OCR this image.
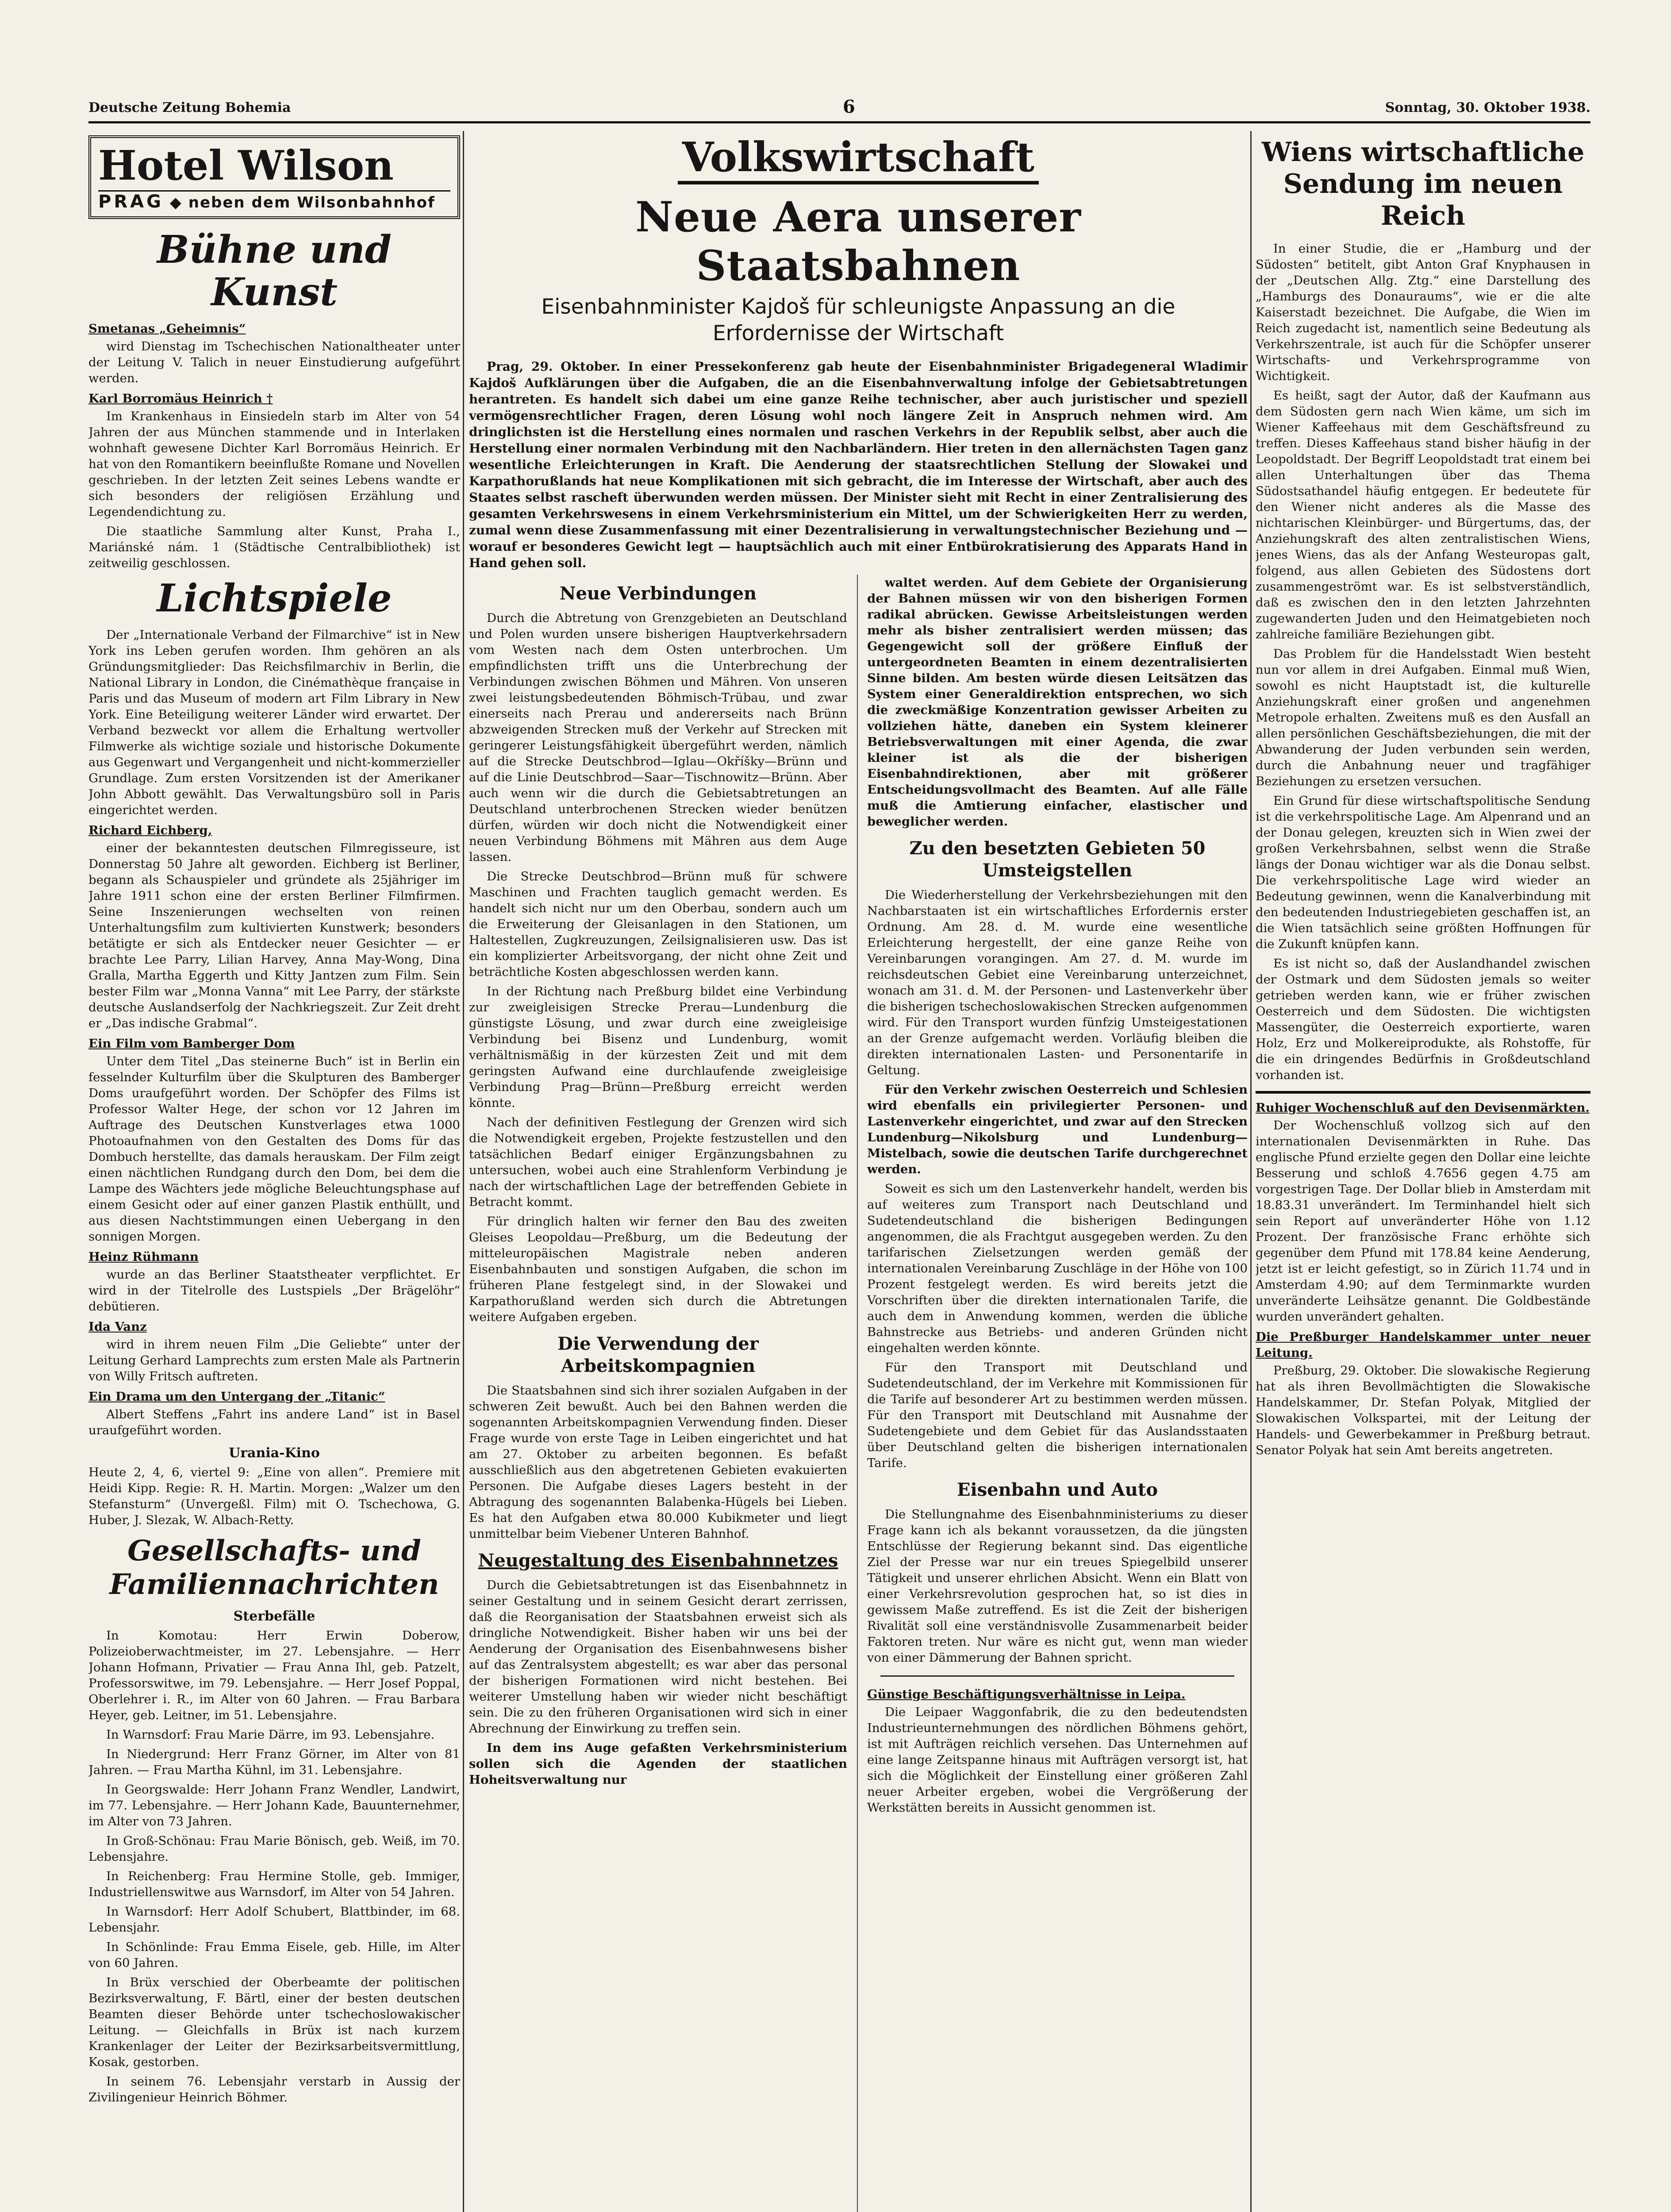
Deutsche Zeitung Bohemia	6	Sonntag, 30. Oktober 1938.
Hotel Wilson
PRAG ◆ neben dem Wilsonbahnhof
Bühne und Kunst

Smetanas „Geheimnis“

wird Dienstag im Tschechischen Nationaltheater unter der Leitung V. Talich in neuer Einstudierung aufgeführt werden.

Karl Borromäus Heinrich †

Im Krankenhaus in Einsiedeln starb im Alter von 54 Jahren der aus München stammende und in Interlaken wohnhaft gewesene Dichter Karl Borromäus Heinrich. Er hat von den Romantikern beeinflußte Romane und Novellen geschrieben. In der letzten Zeit seines Lebens wandte er sich besonders der religiösen Erzählung und Legendendichtung zu.

Die staatliche Sammlung alter Kunst, Praha I., Mariánské nám. 1 (Städtische Centralbibliothek) ist zeitweilig geschlossen.

Lichtspiele

Der „Internationale Verband der Filmarchive“ ist in New York ins Leben gerufen worden. Ihm gehören an als Gründungsmitglieder: Das Reichsfilmarchiv in Berlin, die National Library in London, die Cinémathèque française in Paris und das Museum of modern art Film Library in New York. Eine Beteiligung weiterer Länder wird erwartet. Der Verband bezweckt vor allem die Erhaltung wertvoller Filmwerke als wichtige soziale und historische Dokumente aus Gegenwart und Vergangenheit und nicht-kommerzieller Grundlage. Zum ersten Vorsitzenden ist der Amerikaner John Abbott gewählt. Das Verwaltungsbüro soll in Paris eingerichtet werden.

Richard Eichberg,

einer der bekanntesten deutschen Filmregisseure, ist Donnerstag 50 Jahre alt geworden. Eichberg ist Berliner, begann als Schauspieler und gründete als 25jähriger im Jahre 1911 schon eine der ersten Berliner Filmfirmen. Seine Inszenierungen wechselten von reinen Unterhaltungsfilm zum kultivierten Kunstwerk; besonders betätigte er sich als Entdecker neuer Gesichter — er brachte Lee Parry, Lilian Harvey, Anna May-Wong, Dina Gralla, Martha Eggerth und Kitty Jantzen zum Film. Sein bester Film war „Monna Vanna“ mit Lee Parry, der stärkste deutsche Auslandserfolg der Nachkriegszeit. Zur Zeit dreht er „Das indische Grabmal“.

Ein Film vom Bamberger Dom

Unter dem Titel „Das steinerne Buch“ ist in Berlin ein fesselnder Kulturfilm über die Skulpturen des Bamberger Doms uraufgeführt worden. Der Schöpfer des Films ist Professor Walter Hege, der schon vor 12 Jahren im Auftrage des Deutschen Kunstverlages etwa 1000 Photoaufnahmen von den Gestalten des Doms für das Dombuch herstellte, das damals herauskam. Der Film zeigt einen nächtlichen Rundgang durch den Dom, bei dem die Lampe des Wächters jede mögliche Beleuchtungsphase auf einem Gesicht oder auf einer ganzen Plastik enthüllt, und aus diesen Nachtstimmungen einen Uebergang in den sonnigen Morgen.

Heinz Rühmann

wurde an das Berliner Staatstheater verpflichtet. Er wird in der Titelrolle des Lustspiels „Der Brägelöhr“ debütieren.

Ida Vanz

wird in ihrem neuen Film „Die Geliebte“ unter der Leitung Gerhard Lamprechts zum ersten Male als Partnerin von Willy Fritsch auftreten.

Ein Drama um den Untergang der „Titanic“

Albert Steffens „Fahrt ins andere Land“ ist in Basel uraufgeführt worden.

Urania-Kino

Heute 2, 4, 6, viertel 9: „Eine von allen“. Premiere mit Heidi Kipp. Regie: R. H. Martin. Morgen: „Walzer um den Stefansturm“ (Unvergeßl. Film) mit O. Tschechowa, G. Huber, J. Slezak, W. Albach-Retty.

Gesellschafts- und Familiennachrichten
Sterbefälle

In Komotau: Herr Erwin Doberow, Polizeioberwachtmeister, im 27. Lebensjahre. — Herr Johann Hofmann, Privatier — Frau Anna Ihl, geb. Patzelt, Professorswitwe, im 79. Lebensjahre. — Herr Josef Poppal, Oberlehrer i. R., im Alter von 60 Jahren. — Frau Barbara Heyer, geb. Leitner, im 51. Lebensjahre.

In Warnsdorf: Frau Marie Därre, im 93. Lebensjahre.

In Niedergrund: Herr Franz Görner, im Alter von 81 Jahren. — Frau Martha Kühnl, im 31. Lebensjahre.

In Georgswalde: Herr Johann Franz Wendler, Landwirt, im 77. Lebensjahre. — Herr Johann Kade, Bauunternehmer, im Alter von 73 Jahren.

In Groß-Schönau: Frau Marie Bönisch, geb. Weiß, im 70. Lebensjahre.

In Reichenberg: Frau Hermine Stolle, geb. Immiger, Industriellenswitwe aus Warnsdorf, im Alter von 54 Jahren.

In Warnsdorf: Herr Adolf Schubert, Blattbinder, im 68. Lebensjahr.

In Schönlinde: Frau Emma Eisele, geb. Hille, im Alter von 60 Jahren.

In Brüx verschied der Oberbeamte der politischen Bezirksverwaltung, F. Bärtl, einer der besten deutschen Beamten dieser Behörde unter tschechoslowakischer Leitung. — Gleichfalls in Brüx ist nach kurzem Krankenlager der Leiter der Bezirksarbeitsvermittlung, Kosak, gestorben.

In seinem 76. Lebensjahr verstarb in Aussig der Zivilingenieur Heinrich Böhmer.

Volkswirtschaft
Neue Aera unserer Staatsbahnen
Eisenbahnminister Kajdoš für schleunigste Anpassung an die Erfordernisse der Wirtschaft

Prag, 29. Oktober. In einer Pressekonferenz gab heute der Eisenbahnminister Brigadegeneral Wladimir Kajdoš Aufklärungen über die Aufgaben, die an die Eisenbahnverwaltung infolge der Gebietsabtretungen herantreten. Es handelt sich dabei um eine ganze Reihe technischer, aber auch juristischer und speziell vermögensrechtlicher Fragen, deren Lösung wohl noch längere Zeit in Anspruch nehmen wird. Am dringlichsten ist die Herstellung eines normalen und raschen Verkehrs in der Republik selbst, aber auch die Herstellung einer normalen Verbindung mit den Nachbarländern. Hier treten in den allernächsten Tagen ganz wesentliche Erleichterungen in Kraft. Die Aenderung der staatsrechtlichen Stellung der Slowakei und Karpathorußlands hat neue Komplikationen mit sich gebracht, die im Interesse der Wirtschaft, aber auch des Staates selbst rascheft überwunden werden müssen. Der Minister sieht mit Recht in einer Zentralisierung des gesamten Verkehrswesens in einem Verkehrsministerium ein Mittel, um der Schwierigkeiten Herr zu werden, zumal wenn diese Zusammenfassung mit einer Dezentralisierung in verwaltungstechnischer Beziehung und — worauf er besonderes Gewicht legt — hauptsächlich auch mit einer Entbürokratisierung des Apparats Hand in Hand gehen soll.

Neue Verbindungen

Durch die Abtretung von Grenzgebieten an Deutschland und Polen wurden unsere bisherigen Hauptverkehrsadern vom Westen nach dem Osten unterbrochen. Um empfindlichsten trifft uns die Unterbrechung der Verbindungen zwischen Böhmen und Mähren. Von unseren zwei leistungsbedeutenden Böhmisch-Trübau, und zwar einerseits nach Prerau und andererseits nach Brünn abzweigenden Strecken muß der Verkehr auf Strecken mit geringerer Leistungsfähigkeit übergeführt werden, nämlich auf die Strecke Deutschbrod—Iglau—Okříšky—Brünn und auf die Linie Deutschbrod—Saar—Tischnowitz—Brünn. Aber auch wenn wir die durch die Gebietsabtretungen an Deutschland unterbrochenen Strecken wieder benützen dürfen, würden wir doch nicht die Notwendigkeit einer neuen Verbindung Böhmens mit Mähren aus dem Auge lassen.

Die Strecke Deutschbrod—Brünn muß für schwere Maschinen und Frachten tauglich gemacht werden. Es handelt sich nicht nur um den Oberbau, sondern auch um die Erweiterung der Gleisanlagen in den Stationen, um Haltestellen, Zugkreuzungen, Zeilsignalisieren usw. Das ist ein komplizierter Arbeitsvorgang, der nicht ohne Zeit und beträchtliche Kosten abgeschlossen werden kann.

In der Richtung nach Preßburg bildet eine Verbindung zur zweigleisigen Strecke Prerau—Lundenburg die günstigste Lösung, und zwar durch eine zweigleisige Verbindung bei Bisenz und Lundenburg, womit verhältnismäßig in der kürzesten Zeit und mit dem geringsten Aufwand eine durchlaufende zweigleisige Verbindung Prag—Brünn—Preßburg erreicht werden könnte.

Nach der definitiven Festlegung der Grenzen wird sich die Notwendigkeit ergeben, Projekte festzustellen und den tatsächlichen Bedarf einiger Ergänzungsbahnen zu untersuchen, wobei auch eine Strahlenform Verbindung je nach der wirtschaftlichen Lage der betreffenden Gebiete in Betracht kommt.

Für dringlich halten wir ferner den Bau des zweiten Gleises Leopoldau—Preßburg, um die Bedeutung der mitteleuropäischen Magistrale neben anderen Eisenbahnbauten und sonstigen Aufgaben, die schon im früheren Plane festgelegt sind, in der Slowakei und Karpathorußland werden sich durch die Abtretungen weitere Aufgaben ergeben.

Die Verwendung der Arbeitskompagnien

Die Staatsbahnen sind sich ihrer sozialen Aufgaben in der schweren Zeit bewußt. Auch bei den Bahnen werden die sogenannten Arbeitskompagnien Verwendung finden. Dieser Frage wurde von erste Tage in Leiben eingerichtet und hat am 27. Oktober zu arbeiten begonnen. Es befaßt ausschließlich aus den abgetretenen Gebieten evakuierten Personen. Die Aufgabe dieses Lagers besteht in der Abtragung des sogenannten Balabenka-Hügels bei Lieben. Es hat den Aufgaben etwa 80.000 Kubikmeter und liegt unmittelbar beim Viebener Unteren Bahnhof.

Neugestaltung des Eisenbahnnetzes

Durch die Gebietsabtretungen ist das Eisenbahnnetz in seiner Gestaltung und in seinem Gesicht derart zerrissen, daß die Reorganisation der Staatsbahnen erweist sich als dringliche Notwendigkeit. Bisher haben wir uns bei der Aenderung der Organisation des Eisenbahnwesens bisher auf das Zentralsystem abgestellt; es war aber das personal der bisherigen Formationen wird nicht bestehen. Bei weiterer Umstellung haben wir wieder nicht beschäftigt sein. Die zu den früheren Organisationen wird sich in einer Abrechnung der Einwirkung zu treffen sein.

In dem ins Auge gefaßten Verkehrsministerium sollen sich die Agenden der staatlichen Hoheitsverwaltung nur

waltet werden. Auf dem Gebiete der Organisierung der Bahnen müssen wir von den bisherigen Formen radikal abrücken. Gewisse Arbeitsleistungen werden mehr als bisher zentralisiert werden müssen; das Gegengewicht soll der größere Einfluß der untergeordneten Beamten in einem dezentralisierten Sinne bilden. Am besten würde diesen Leitsätzen das System einer Generaldirektion entsprechen, wo sich die zweckmäßige Konzentration gewisser Arbeiten zu vollziehen hätte, daneben ein System kleinerer Betriebsverwaltungen mit einer Agenda, die zwar kleiner ist als die der bisherigen Eisenbahndirektionen, aber mit größerer Entscheidungsvollmacht des Beamten. Auf alle Fälle muß die Amtierung einfacher, elastischer und beweglicher werden.

Zu den besetzten Gebieten 50 Umsteigstellen

Die Wiederherstellung der Verkehrsbeziehungen mit den Nachbarstaaten ist ein wirtschaftliches Erfordernis erster Ordnung. Am 28. d. M. wurde eine wesentliche Erleichterung hergestellt, der eine ganze Reihe von Vereinbarungen vorangingen. Am 27. d. M. wurde im reichsdeutschen Gebiet eine Vereinbarung unterzeichnet, wonach am 31. d. M. der Personen- und Lastenverkehr über die bisherigen tschechoslowakischen Strecken aufgenommen wird. Für den Transport wurden fünfzig Umsteigestationen an der Grenze aufgemacht werden. Vorläufig bleiben die direkten internationalen Lasten- und Personentarife in Geltung.

Für den Verkehr zwischen Oesterreich und Schlesien wird ebenfalls ein privilegierter Personen- und Lastenverkehr eingerichtet, und zwar auf den Strecken Lundenburg—Nikolsburg und Lundenburg—Mistelbach, sowie die deutschen Tarife durchgerechnet werden.

Soweit es sich um den Lastenverkehr handelt, werden bis auf weiteres zum Transport nach Deutschland und Sudetendeutschland die bisherigen Bedingungen angenommen, die als Frachtgut ausgegeben werden. Zu den tarifarischen Zielsetzungen werden gemäß der internationalen Vereinbarung Zuschläge in der Höhe von 100 Prozent festgelegt werden. Es wird bereits jetzt die Vorschriften über die direkten internationalen Tarife, die auch dem in Anwendung kommen, werden die übliche Bahnstrecke aus Betriebs- und anderen Gründen nicht eingehalten werden könnte.

Für den Transport mit Deutschland und Sudetendeutschland, der im Verkehre mit Kommissionen für die Tarife auf besonderer Art zu bestimmen werden müssen. Für den Transport mit Deutschland mit Ausnahme der Sudetengebiete und dem Gebiet für das Auslandsstaaten über Deutschland gelten die bisherigen internationalen Tarife.

Eisenbahn und Auto

Die Stellungnahme des Eisenbahnministeriums zu dieser Frage kann ich als bekannt voraussetzen, da die jüngsten Entschlüsse der Regierung bekannt sind. Das eigentliche Ziel der Presse war nur ein treues Spiegelbild unserer Tätigkeit und unserer ehrlichen Absicht. Wenn ein Blatt von einer Verkehrsrevolution gesprochen hat, so ist dies in gewissem Maße zutreffend. Es ist die Zeit der bisherigen Rivalität soll eine verständnisvolle Zusammenarbeit beider Faktoren treten. Nur wäre es nicht gut, wenn man wieder von einer Dämmerung der Bahnen spricht.

Günstige Beschäftigungsverhältnisse in Leipa.

Die Leipaer Waggonfabrik, die zu den bedeutendsten Industrieunternehmungen des nördlichen Böhmens gehört, ist mit Aufträgen reichlich versehen. Das Unternehmen auf eine lange Zeitspanne hinaus mit Aufträgen versorgt ist, hat sich die Möglichkeit der Einstellung einer größeren Zahl neuer Arbeiter ergeben, wobei die Vergrößerung der Werkstätten bereits in Aussicht genommen ist.

Wiens wirtschaftliche Sendung im neuen Reich

In einer Studie, die er „Hamburg und der Südosten“ betitelt, gibt Anton Graf Knyphausen in der „Deutschen Allg. Ztg.“ eine Darstellung des „Hamburgs des Donauraums“, wie er die alte Kaiserstadt bezeichnet. Die Aufgabe, die Wien im Reich zugedacht ist, namentlich seine Bedeutung als Verkehrszentrale, ist auch für die Schöpfer unserer Wirtschafts- und Verkehrsprogramme von Wichtigkeit.

Es heißt, sagt der Autor, daß der Kaufmann aus dem Südosten gern nach Wien käme, um sich im Wiener Kaffeehaus mit dem Geschäftsfreund zu treffen. Dieses Kaffeehaus stand bisher häufig in der Leopoldstadt. Der Begriff Leopoldstadt trat einem bei allen Unterhaltungen über das Thema Südostsathandel häufig entgegen. Er bedeutete für den Wiener nicht anderes als die Masse des nichtarischen Kleinbürger- und Bürgertums, das, der Anziehungskraft des alten zentralistischen Wiens, jenes Wiens, das als der Anfang Westeuropas galt, folgend, aus allen Gebieten des Südostens dort zusammengeströmt war. Es ist selbstverständlich, daß es zwischen den in den letzten Jahrzehnten zugewanderten Juden und den Heimatgebieten noch zahlreiche familiäre Beziehungen gibt.

Das Problem für die Handelsstadt Wien besteht nun vor allem in drei Aufgaben. Einmal muß Wien, sowohl es nicht Hauptstadt ist, die kulturelle Anziehungskraft einer großen und angenehmen Metropole erhalten. Zweitens muß es den Ausfall an allen persönlichen Geschäftsbeziehungen, die mit der Abwanderung der Juden verbunden sein werden, durch die Anbahnung neuer und tragfähiger Beziehungen zu ersetzen versuchen.

Ein Grund für diese wirtschaftspolitische Sendung ist die verkehrspolitische Lage. Am Alpenrand und an der Donau gelegen, kreuzten sich in Wien zwei der großen Verkehrsbahnen, selbst wenn die Straße längs der Donau wichtiger war als die Donau selbst. Die verkehrspolitische Lage wird wieder an Bedeutung gewinnen, wenn die Kanalverbindung mit den bedeutenden Industriegebieten geschaffen ist, an die Wien tatsächlich seine größten Hoffnungen für die Zukunft knüpfen kann.

Es ist nicht so, daß der Auslandhandel zwischen der Ostmark und dem Südosten jemals so weiter getrieben werden kann, wie er früher zwischen Oesterreich und dem Südosten. Die wichtigsten Massengüter, die Oesterreich exportierte, waren Holz, Erz und Molkereiprodukte, als Rohstoffe, für die ein dringendes Bedürfnis in Großdeutschland vorhanden ist.

Ruhiger Wochenschluß auf den Devisenmärkten.

Der Wochenschluß vollzog sich auf den internationalen Devisenmärkten in Ruhe. Das englische Pfund erzielte gegen den Dollar eine leichte Besserung und schloß 4.7656 gegen 4.75 am vorgestrigen Tage. Der Dollar blieb in Amsterdam mit 18.83.31 unverändert. Im Terminhandel hielt sich sein Report auf unveränderter Höhe von 1.12 Prozent. Der französische Franc erhöhte sich gegenüber dem Pfund mit 178.84 keine Aenderung, jetzt ist er leicht gefestigt, so in Zürich 11.74 und in Amsterdam 4.90; auf dem Terminmarkte wurden unveränderte Leihsätze genannt. Die Goldbestände wurden unverändert gehalten.

Die Preßburger Handelskammer unter neuer Leitung.

Preßburg, 29. Oktober. Die slowakische Regierung hat als ihren Bevollmächtigten die Slowakische Handelskammer, Dr. Stefan Polyak, Mitglied der Slowakischen Volkspartei, mit der Leitung der Handels- und Gewerbekammer in Preßburg betraut. Senator Polyak hat sein Amt bereits angetreten.
